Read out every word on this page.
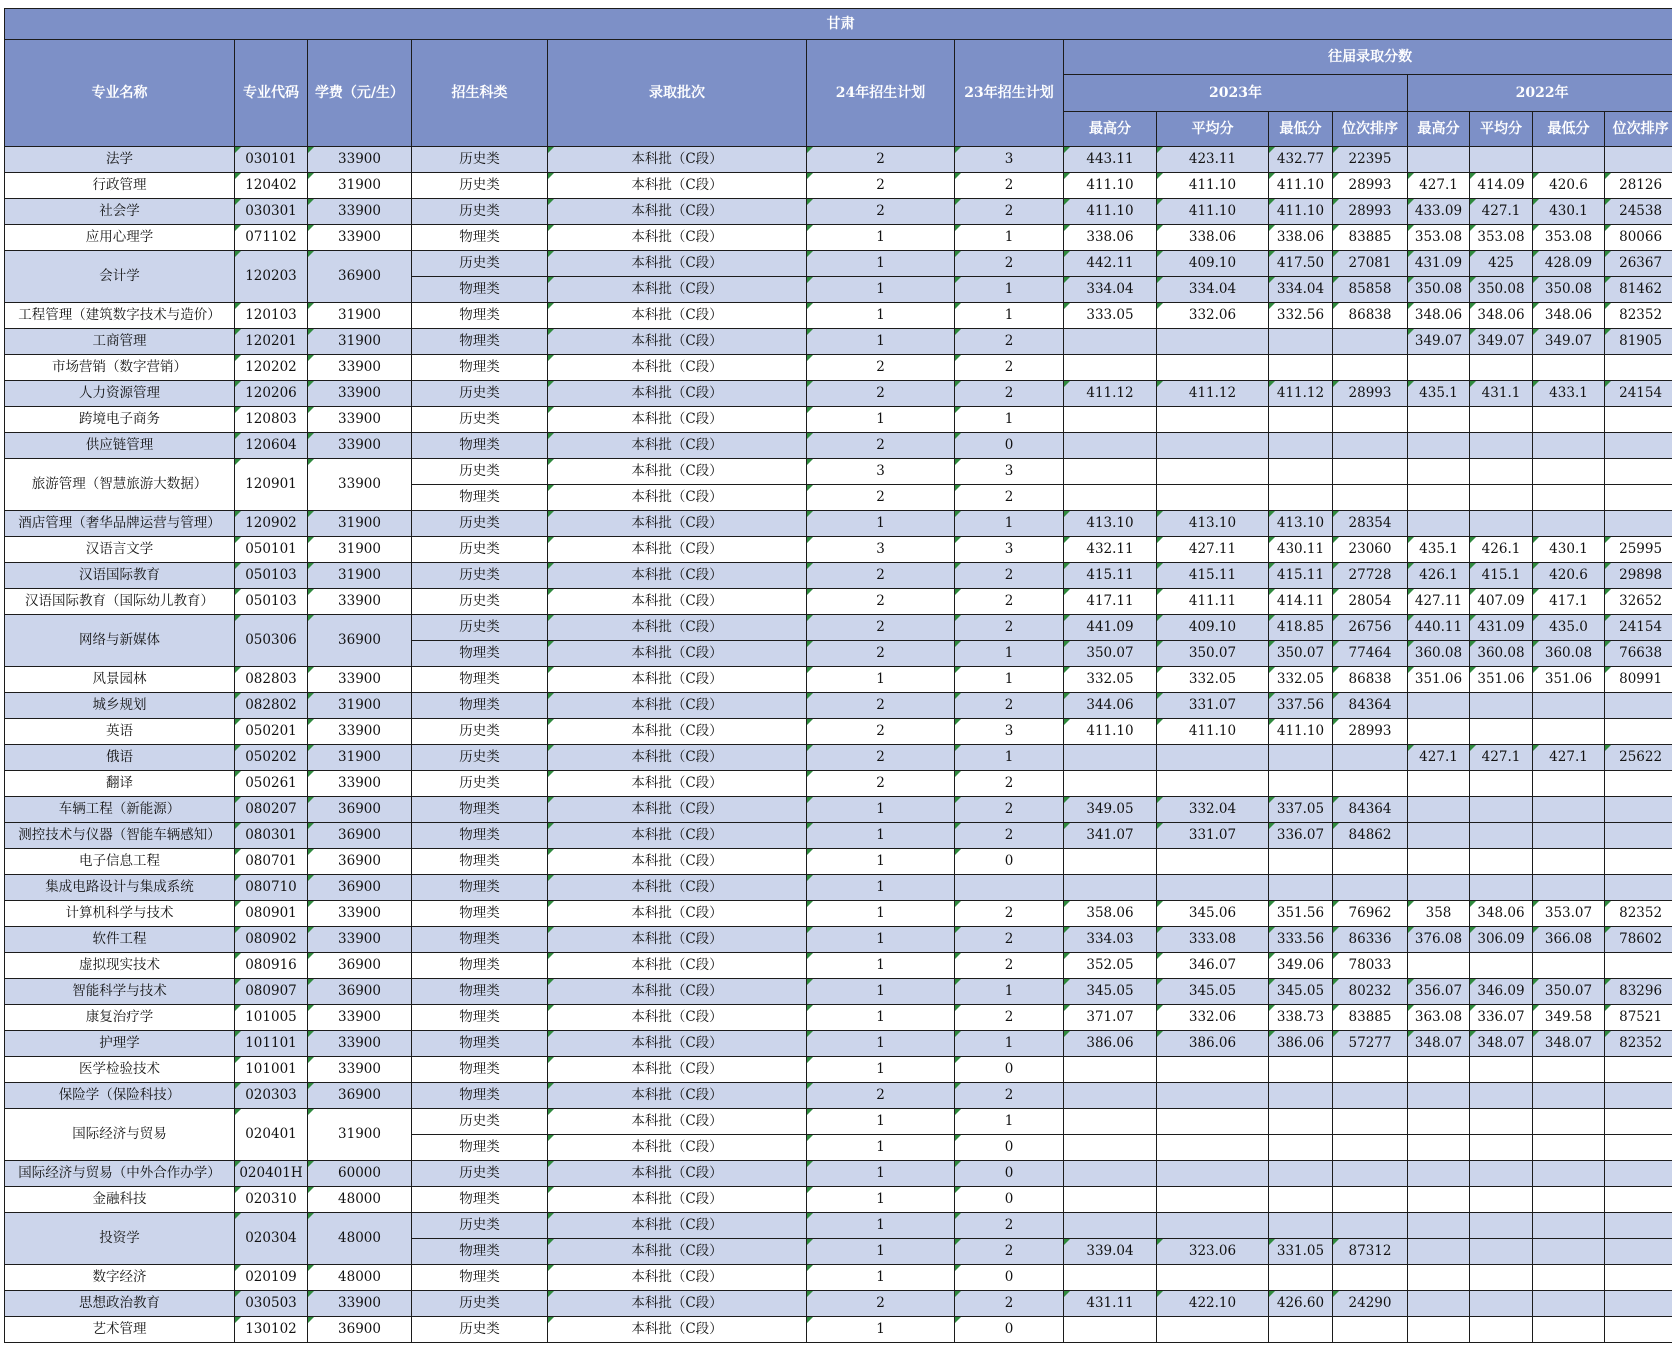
甘肃														
专业名称	专业代码	学费（元/生）	招生科类	录取批次	24年招生计划	23年招生计划	往届录取分数							
							2023年				2022年			
							最高分	平均分	最低分	位次排序	最高分	平均分	最低分	位次排序
法学	030101	33900	历史类	本科批（C段）	2	3	443.11	423.11	432.77	22395				
行政管理	120402	31900	历史类	本科批（C段）	2	2	411.10	411.10	411.10	28993	427.1	414.09	420.6	28126
社会学	030301	33900	历史类	本科批（C段）	2	2	411.10	411.10	411.10	28993	433.09	427.1	430.1	24538
应用心理学	071102	33900	物理类	本科批（C段）	1	1	338.06	338.06	338.06	83885	353.08	353.08	353.08	80066
会计学	120203	36900	历史类	本科批（C段）	1	2	442.11	409.10	417.50	27081	431.09	425	428.09	26367
			物理类	本科批（C段）	1	1	334.04	334.04	334.04	85858	350.08	350.08	350.08	81462
工程管理（建筑数字技术与造价）	120103	31900	物理类	本科批（C段）	1	1	333.05	332.06	332.56	86838	348.06	348.06	348.06	82352
工商管理	120201	31900	物理类	本科批（C段）	1	2					349.07	349.07	349.07	81905
市场营销（数字营销）	120202	33900	物理类	本科批（C段）	2	2								
人力资源管理	120206	33900	历史类	本科批（C段）	2	2	411.12	411.12	411.12	28993	435.1	431.1	433.1	24154
跨境电子商务	120803	33900	历史类	本科批（C段）	1	1								
供应链管理	120604	33900	物理类	本科批（C段）	2	0								
旅游管理（智慧旅游大数据）	120901	33900	历史类	本科批（C段）	3	3								
			物理类	本科批（C段）	2	2								
酒店管理（奢华品牌运营与管理）	120902	31900	历史类	本科批（C段）	1	1	413.10	413.10	413.10	28354				
汉语言文学	050101	31900	历史类	本科批（C段）	3	3	432.11	427.11	430.11	23060	435.1	426.1	430.1	25995
汉语国际教育	050103	31900	历史类	本科批（C段）	2	2	415.11	415.11	415.11	27728	426.1	415.1	420.6	29898
汉语国际教育（国际幼儿教育）	050103	33900	历史类	本科批（C段）	2	2	417.11	411.11	414.11	28054	427.11	407.09	417.1	32652
网络与新媒体	050306	36900	历史类	本科批（C段）	2	2	441.09	409.10	418.85	26756	440.11	431.09	435.0	24154
			物理类	本科批（C段）	2	1	350.07	350.07	350.07	77464	360.08	360.08	360.08	76638
风景园林	082803	33900	物理类	本科批（C段）	1	1	332.05	332.05	332.05	86838	351.06	351.06	351.06	80991
城乡规划	082802	31900	物理类	本科批（C段）	2	2	344.06	331.07	337.56	84364				
英语	050201	33900	历史类	本科批（C段）	2	3	411.10	411.10	411.10	28993				
俄语	050202	31900	历史类	本科批（C段）	2	1					427.1	427.1	427.1	25622
翻译	050261	33900	历史类	本科批（C段）	2	2								
车辆工程（新能源）	080207	36900	物理类	本科批（C段）	1	2	349.05	332.04	337.05	84364				
测控技术与仪器（智能车辆感知）	080301	36900	物理类	本科批（C段）	1	2	341.07	331.07	336.07	84862				
电子信息工程	080701	36900	物理类	本科批（C段）	1	0								
集成电路设计与集成系统	080710	36900	物理类	本科批（C段）	1									
计算机科学与技术	080901	33900	物理类	本科批（C段）	1	2	358.06	345.06	351.56	76962	358	348.06	353.07	82352
软件工程	080902	33900	物理类	本科批（C段）	1	2	334.03	333.08	333.56	86336	376.08	306.09	366.08	78602
虚拟现实技术	080916	36900	物理类	本科批（C段）	1	2	352.05	346.07	349.06	78033				
智能科学与技术	080907	36900	物理类	本科批（C段）	1	1	345.05	345.05	345.05	80232	356.07	346.09	350.07	83296
康复治疗学	101005	33900	物理类	本科批（C段）	1	2	371.07	332.06	338.73	83885	363.08	336.07	349.58	87521
护理学	101101	33900	物理类	本科批（C段）	1	1	386.06	386.06	386.06	57277	348.07	348.07	348.07	82352
医学检验技术	101001	33900	物理类	本科批（C段）	1	0								
保险学（保险科技）	020303	36900	物理类	本科批（C段）	2	2								
国际经济与贸易	020401	31900	历史类	本科批（C段）	1	1								
			物理类	本科批（C段）	1	0								
国际经济与贸易（中外合作办学）	020401H	60000	历史类	本科批（C段）	1	0								
金融科技	020310	48000	物理类	本科批（C段）	1	0								
投资学	020304	48000	历史类	本科批（C段）	1	2								
			物理类	本科批（C段）	1	2	339.04	323.06	331.05	87312				
数字经济	020109	48000	物理类	本科批（C段）	1	0								
思想政治教育	030503	33900	历史类	本科批（C段）	2	2	431.11	422.10	426.60	24290				
艺术管理	130102	36900	历史类	本科批（C段）	1	0								
